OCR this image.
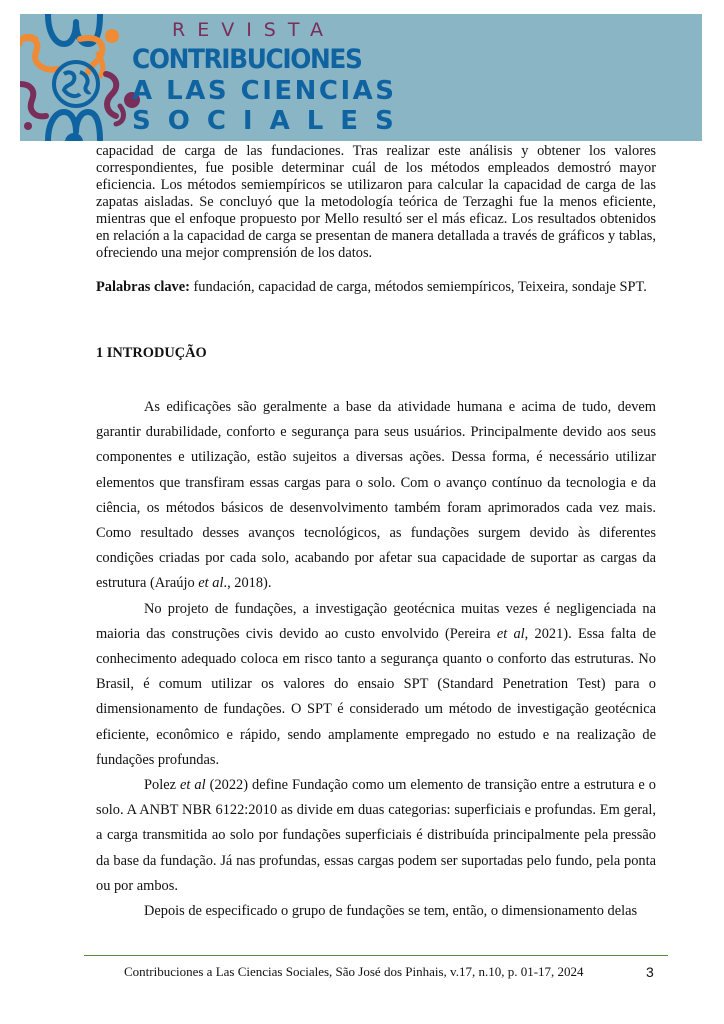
REVISTA
CONTRIBUCIONES
A LAS CIENCIAS
SOCIALES

capacidad de carga de las fundaciones. Tras realizar este análisis y obtener los valores correspondientes, fue posible determinar cuál de los métodos empleados demostró mayor eficiencia. Los métodos semiempíricos se utilizaron para calcular la capacidad de carga de las zapatas aisladas. Se concluyó que la metodología teórica de Terzaghi fue la menos eficiente, mientras que el enfoque propuesto por Mello resultó ser el más eficaz. Los resultados obtenidos en relación a la capacidad de carga se presentan de manera detallada a través de gráficos y tablas, ofreciendo una mejor comprensión de los datos.

Palabras clave: fundación, capacidad de carga, métodos semiempíricos, Teixeira, sondaje SPT.

1 INTRODUÇÃO

As edificações são geralmente a base da atividade humana e acima de tudo, devem garantir durabilidade, conforto e segurança para seus usuários. Principalmente devido aos seus componentes e utilização, estão sujeitos a diversas ações. Dessa forma, é necessário utilizar elementos que transfiram essas cargas para o solo. Com o avanço contínuo da tecnologia e da ciência, os métodos básicos de desenvolvimento também foram aprimorados cada vez mais. Como resultado desses avanços tecnológicos, as fundações surgem devido às diferentes condições criadas por cada solo, acabando por afetar sua capacidade de suportar as cargas da estrutura (Araújo et al., 2018).

No projeto de fundações, a investigação geotécnica muitas vezes é negligenciada na maioria das construções civis devido ao custo envolvido (Pereira et al, 2021). Essa falta de conhecimento adequado coloca em risco tanto a segurança quanto o conforto das estruturas. No Brasil, é comum utilizar os valores do ensaio SPT (Standard Penetration Test) para o dimensionamento de fundações. O SPT é considerado um método de investigação geotécnica eficiente, econômico e rápido, sendo amplamente empregado no estudo e na realização de fundações profundas.

Polez et al (2022) define Fundação como um elemento de transição entre a estrutura e o solo. A ANBT NBR 6122:2010 as divide em duas categorias: superficiais e profundas. Em geral, a carga transmitida ao solo por fundações superficiais é distribuída principalmente pela pressão da base da fundação. Já nas profundas, essas cargas podem ser suportadas pelo fundo, pela ponta ou por ambos.

Depois de especificado o grupo de fundações se tem, então, o dimensionamento delas

Contribuciones a Las Ciencias Sociales, São José dos Pinhais, v.17, n.10, p. 01-17, 2024	3
